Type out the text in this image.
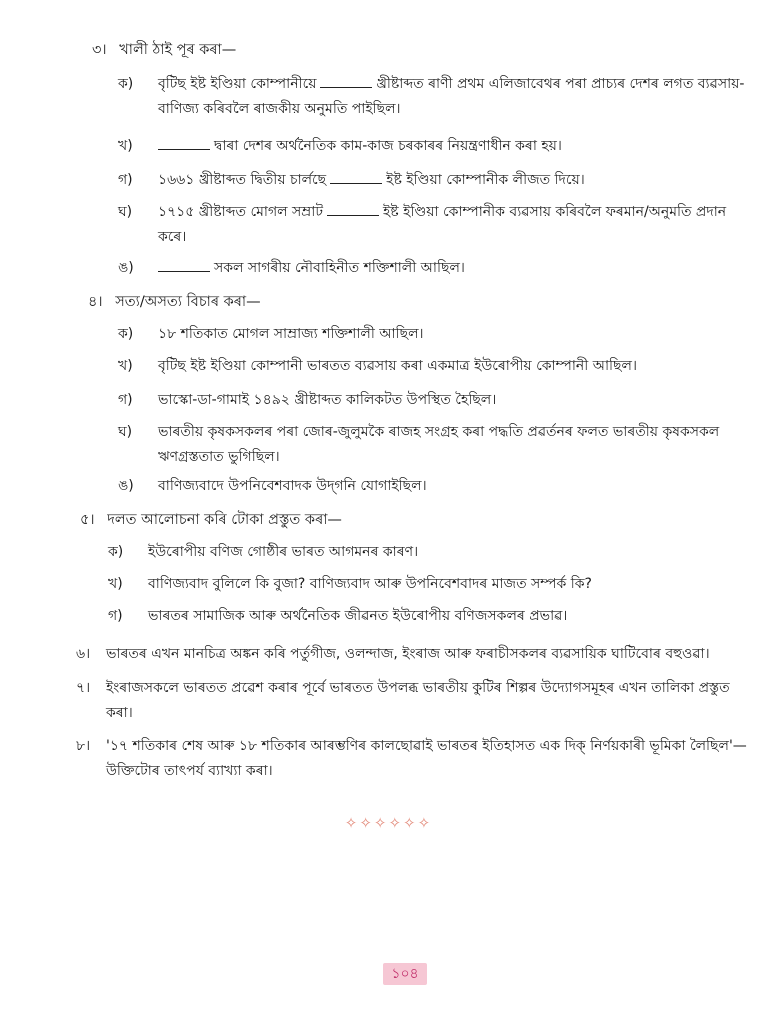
৩। খালী ঠাই পূৰ কৰা—
ক)	বৃটিছ ইষ্ট ইণ্ডিয়া কোম্পানীয়ে	খ্ৰীষ্টাব্দত ৰাণী প্ৰথম এলিজাবেথৰ পৰা প্ৰাচ্যৰ দেশৰ লগত ব্যৱসায়-বাণিজ্য কৰিবলৈ ৰাজকীয় অনুমতি পাইছিল।
খ)	দ্বাৰা দেশৰ অৰ্থনৈতিক কাম-কাজ চৰকাৰৰ নিয়ন্ত্ৰণাধীন কৰা হয়।
গ)	১৬৬১ খ্ৰীষ্টাব্দত দ্বিতীয় চাৰ্লছে	ইষ্ট ইণ্ডিয়া কোম্পানীক লীজত দিয়ে।
ঘ)	১৭১৫ খ্ৰীষ্টাব্দত মোগল সম্ৰাট	ইষ্ট ইণ্ডিয়া কোম্পানীক ব্যৱসায় কৰিবলৈ ফৰমান/অনুমতি প্ৰদান কৰে।
ঙ)	সকল সাগৰীয় নৌবাহিনীত শক্তিশালী আছিল।
৪। সত্য/অসত্য বিচাৰ কৰা—
ক)	১৮ শতিকাত মোগল সাম্ৰাজ্য শক্তিশালী আছিল।
খ)	বৃটিছ ইষ্ট ইণ্ডিয়া কোম্পানী ভাৰতত ব্যৱসায় কৰা একমাত্ৰ ইউৰোপীয় কোম্পানী আছিল।
গ)	ভাস্কো-ডা-গামাই ১৪৯২ খ্ৰীষ্টাব্দত কালিকটত উপস্থিত হৈছিল।
ঘ)	ভাৰতীয় কৃষকসকলৰ পৰা জোৰ-জুলুমকৈ ৰাজহ সংগ্ৰহ কৰা পদ্ধতি প্ৰৱৰ্তনৰ ফলত ভাৰতীয় কৃষকসকল ঋণগ্ৰস্ততাত ভুগিছিল।
ঙ)	বাণিজ্যবাদে উপনিবেশবাদক উদ্‌গনি যোগাইছিল।
৫। দলত আলোচনা কৰি টোকা প্ৰস্তুত কৰা—
ক)	ইউৰোপীয় বণিজ গোষ্ঠীৰ ভাৰত আগমনৰ কাৰণ।
খ)	বাণিজ্যবাদ বুলিলে কি বুজা? বাণিজ্যবাদ আৰু উপনিবেশবাদৰ মাজত সম্পৰ্ক কি?
গ)	ভাৰতৰ সামাজিক আৰু অৰ্থনৈতিক জীৱনত ইউৰোপীয় বণিজসকলৰ প্ৰভাৱ।
৬।	ভাৰতৰ এখন মানচিত্ৰ অঙ্কন কৰি পৰ্তুগীজ, ওলন্দাজ, ইংৰাজ আৰু ফৰাচীসকলৰ ব্যৱসায়িক ঘাটিবোৰ বহুওৱা।
৭।	ইংৰাজসকলে ভাৰতত প্ৰৱেশ কৰাৰ পূৰ্বে ভাৰতত উপলব্ধ ভাৰতীয় কুটিৰ শিল্পৰ উদ্যোগসমূহৰ এখন তালিকা প্ৰস্তুত কৰা।
৮।	'১৭ শতিকাৰ শেষ আৰু ১৮ শতিকাৰ আৰম্ভণিৰ কালছোৱাই ভাৰতৰ ইতিহাসত এক দিক্ নিৰ্ণয়কাৰী ভূমিকা লৈছিল'— উক্তিটোৰ তাৎপৰ্য ব্যাখ্যা কৰা।
✧✧✧✧✧✧
১০৪
